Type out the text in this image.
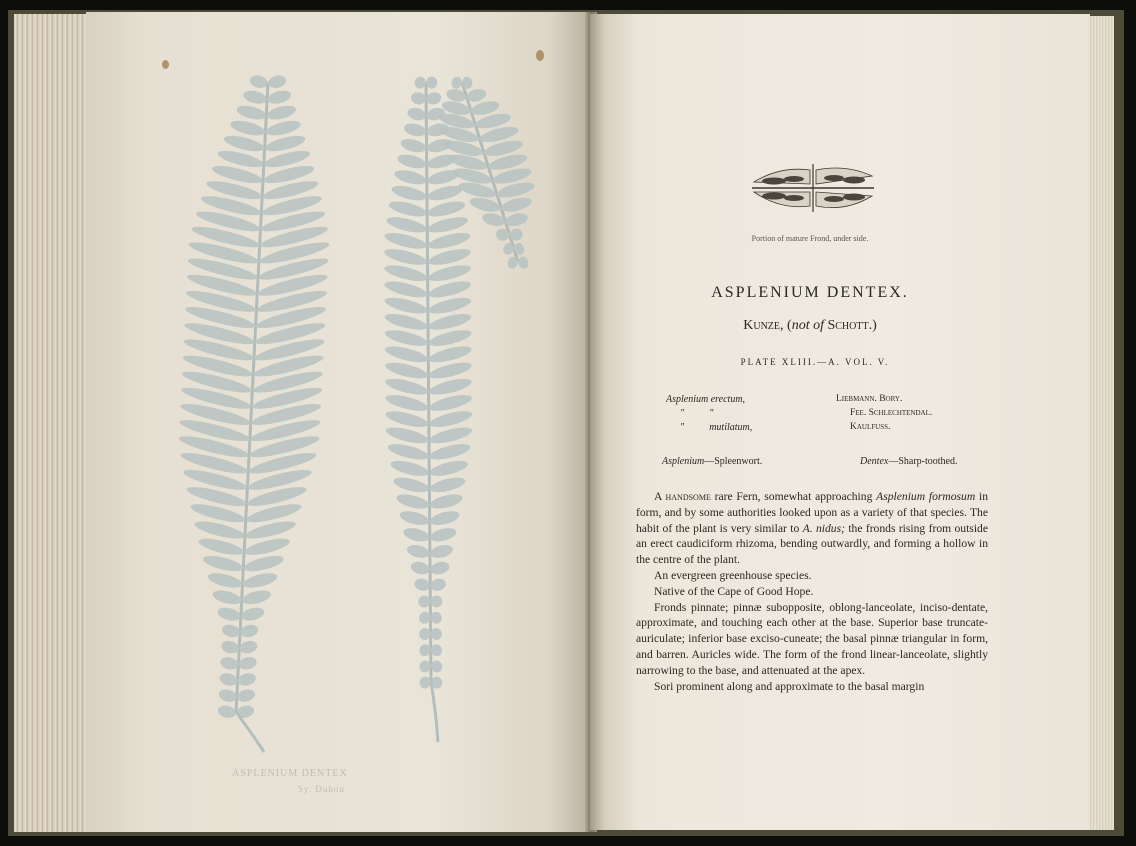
ASPLENIUM DENTEX
Sy. Duhou
Portion of mature Frond, under side.
ASPLENIUM DENTEX.
Kunze, (not of Schott.)
PLATE XLIII.—A. VOL. V.
Asplenium erectum,	Liebmann. Bory.
"          "	Fee. Schlechtendal.
"          mutilatum,	Kaulfuss.
Asplenium—Spleenwort.	Dentex—Sharp-toothed.

A handsome rare Fern, somewhat approaching Asplenium formosum in form, and by some authorities looked upon as a variety of that species. The habit of the plant is very similar to A. nidus; the fronds rising from outside an erect caudiciform rhizoma, bending outwardly, and forming a hollow in the centre of the plant.

An evergreen greenhouse species.

Native of the Cape of Good Hope.

Fronds pinnate; pinnæ subopposite, oblong-lanceolate, inciso-dentate, approximate, and touching each other at the base. Superior base truncate-auriculate; inferior base exciso-cuneate; the basal pinnæ triangular in form, and barren. Auricles wide. The form of the frond linear-lanceolate, slightly narrowing to the base, and attenuated at the apex.

Sori prominent along and approximate to the basal margin
